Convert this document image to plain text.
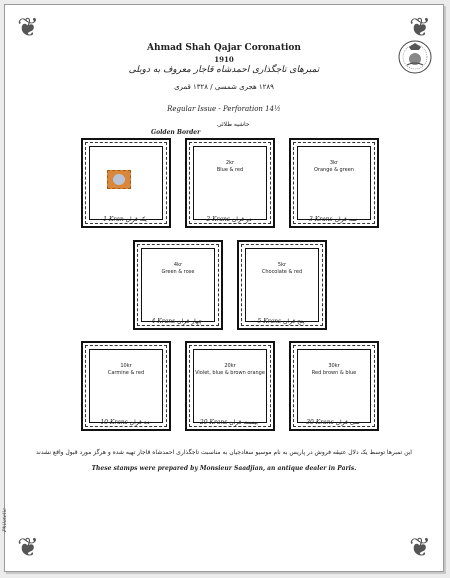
❦	❦
❦	❦
Ahmad Shah Qajar Coronation
1910
تمبرهای تاجگذاری احمدشاه قاجار معروف به دوبلی
۱۲۸۹ هجری شمسی / ۱۳۲۸ قمری
Regular Issue - Perforation 14½
حاشیه طلائی
Golden Border
1 Kran یک قران
2kr
Blue & red
2 Krans دو قران
3kr
Orange & green
3 Krans سه قران
4kr
Green & rose
4 Krans چهار قران
5kr
Chocolate & red
5 Krans پنج قران
10kr
Carmine & red
10 Krans ده قران
20kr
Violet, blue & brown orange
20 Krans بیست قران
30kr
Red brown & blue
30 Krans سی قران
این تمبرها توسط یک دلال عتیقه فروش در پاریس به نام موسیو سعادجیان به مناسبت تاجگذاری احمدشاه قاجار تهیه شده و هرگز مورد قبول واقع نشدند
These stamps were prepared by Monsieur Saadjian, an antique dealer in Paris.
Philatelic
